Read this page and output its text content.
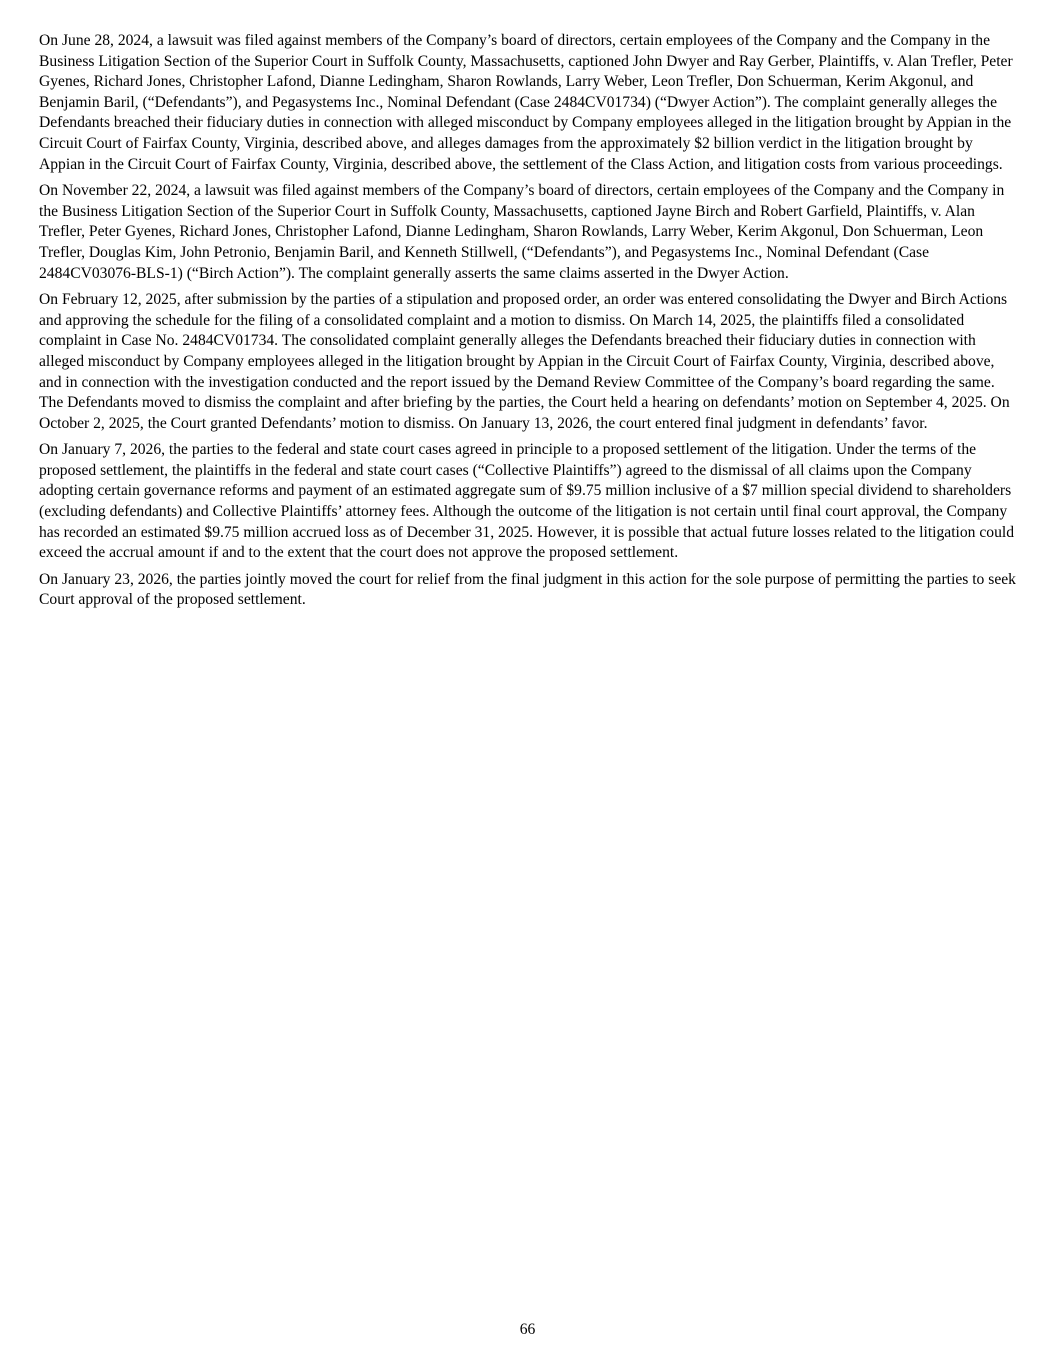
On June 28, 2024, a lawsuit was filed against members of the Company’s board of directors, certain employees of the Company and the Company in the Business Litigation Section of the Superior Court in Suffolk County, Massachusetts, captioned John Dwyer and Ray Gerber, Plaintiffs, v. Alan Trefler, Peter Gyenes, Richard Jones, Christopher Lafond, Dianne Ledingham, Sharon Rowlands, Larry Weber, Leon Trefler, Don Schuerman, Kerim Akgonul, and Benjamin Baril, (“Defendants”), and Pegasystems Inc., Nominal Defendant (Case 2484CV01734) (“Dwyer Action”). The complaint generally alleges the Defendants breached their fiduciary duties in connection with alleged misconduct by Company employees alleged in the litigation brought by Appian in the Circuit Court of Fairfax County, Virginia, described above, and alleges damages from the approximately $2 billion verdict in the litigation brought by Appian in the Circuit Court of Fairfax County, Virginia, described above, the settlement of the Class Action, and litigation costs from various proceedings.

On November 22, 2024, a lawsuit was filed against members of the Company’s board of directors, certain employees of the Company and the Company in the Business Litigation Section of the Superior Court in Suffolk County, Massachusetts, captioned Jayne Birch and Robert Garfield, Plaintiffs, v. Alan Trefler, Peter Gyenes, Richard Jones, Christopher Lafond, Dianne Ledingham, Sharon Rowlands, Larry Weber, Kerim Akgonul, Don Schuerman, Leon Trefler, Douglas Kim, John Petronio, Benjamin Baril, and Kenneth Stillwell, (“Defendants”), and Pegasystems Inc., Nominal Defendant (Case 2484CV03076-BLS-1) (“Birch Action”). The complaint generally asserts the same claims asserted in the Dwyer Action.

On February 12, 2025, after submission by the parties of a stipulation and proposed order, an order was entered consolidating the Dwyer and Birch Actions and approving the schedule for the filing of a consolidated complaint and a motion to dismiss. On March 14, 2025, the plaintiffs filed a consolidated complaint in Case No. 2484CV01734. The consolidated complaint generally alleges the Defendants breached their fiduciary duties in connection with alleged misconduct by Company employees alleged in the litigation brought by Appian in the Circuit Court of Fairfax County, Virginia, described above, and in connection with the investigation conducted and the report issued by the Demand Review Committee of the Company’s board regarding the same. The Defendants moved to dismiss the complaint and after briefing by the parties, the Court held a hearing on defendants’ motion on September 4, 2025. On October 2, 2025, the Court granted Defendants’ motion to dismiss. On January 13, 2026, the court entered final judgment in defendants’ favor.

On January 7, 2026, the parties to the federal and state court cases agreed in principle to a proposed settlement of the litigation. Under the terms of the proposed settlement, the plaintiffs in the federal and state court cases (“Collective Plaintiffs”) agreed to the dismissal of all claims upon the Company adopting certain governance reforms and payment of an estimated aggregate sum of $9.75 million inclusive of a $7 million special dividend to shareholders (excluding defendants) and Collective Plaintiffs’ attorney fees. Although the outcome of the litigation is not certain until final court approval, the Company has recorded an estimated $9.75 million accrued loss as of December 31, 2025. However, it is possible that actual future losses related to the litigation could exceed the accrual amount if and to the extent that the court does not approve the proposed settlement.

On January 23, 2026, the parties jointly moved the court for relief from the final judgment in this action for the sole purpose of permitting the parties to seek Court approval of the proposed settlement.

66
